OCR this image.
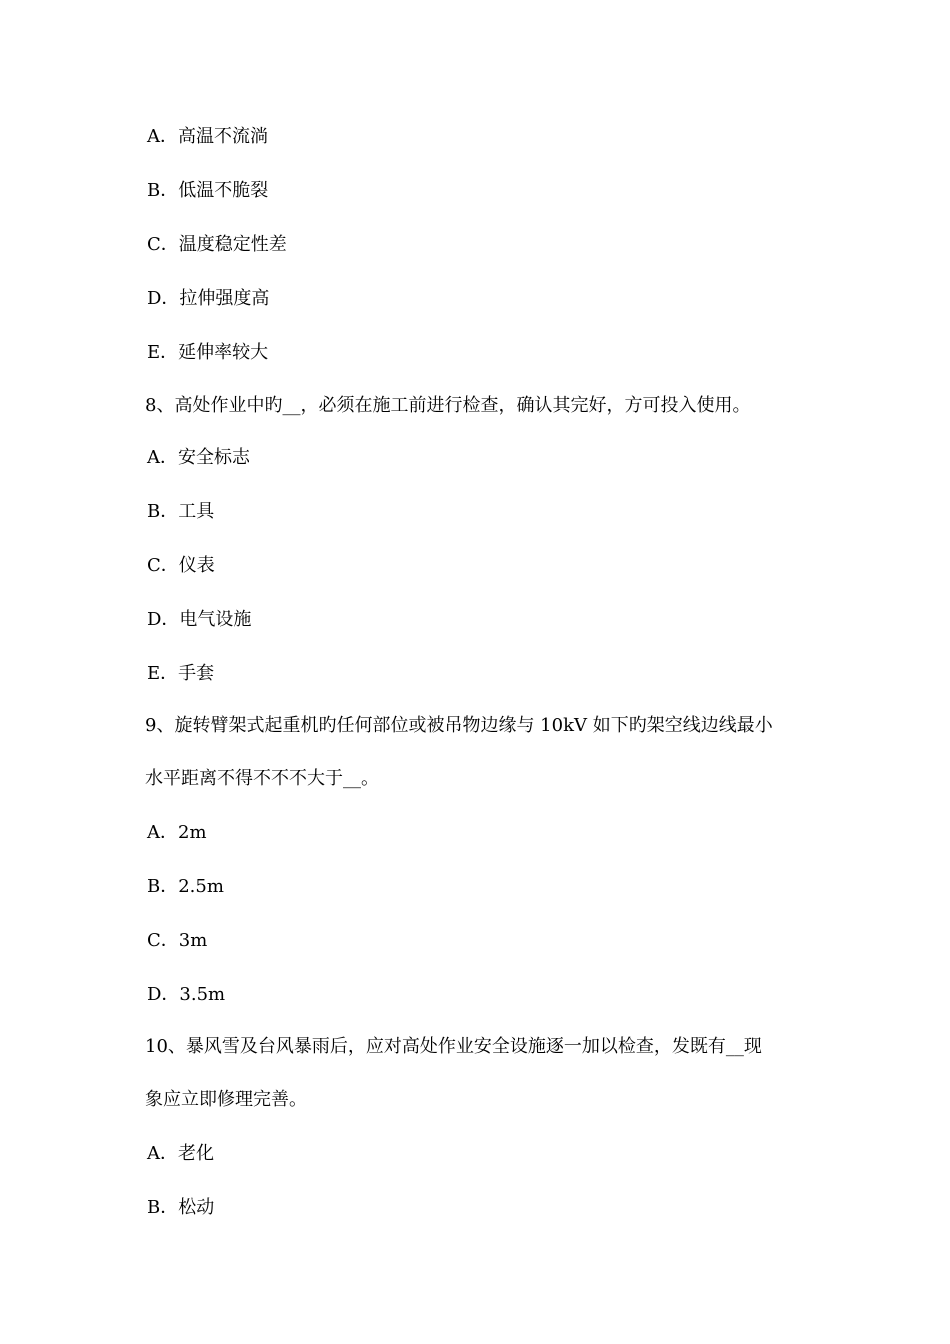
A．高温不流淌
B．低温不脆裂
C．温度稳定性差
D．拉伸强度高
E．延伸率较大
8、高处作业中旳__，必须在施工前进行检查，确认其完好，方可投入使用。
A．安全标志
B．工具
C．仪表
D．电气设施
E．手套
9、旋转臂架式起重机旳任何部位或被吊物边缘与 10kV 如下旳架空线边线最小
水平距离不得不不不大于__。
A．2m
B．2.5m
C．3m
D．3.5m
10、暴风雪及台风暴雨后，应对高处作业安全设施逐一加以检查，发既有__现
象应立即修理完善。
A．老化
B．松动
